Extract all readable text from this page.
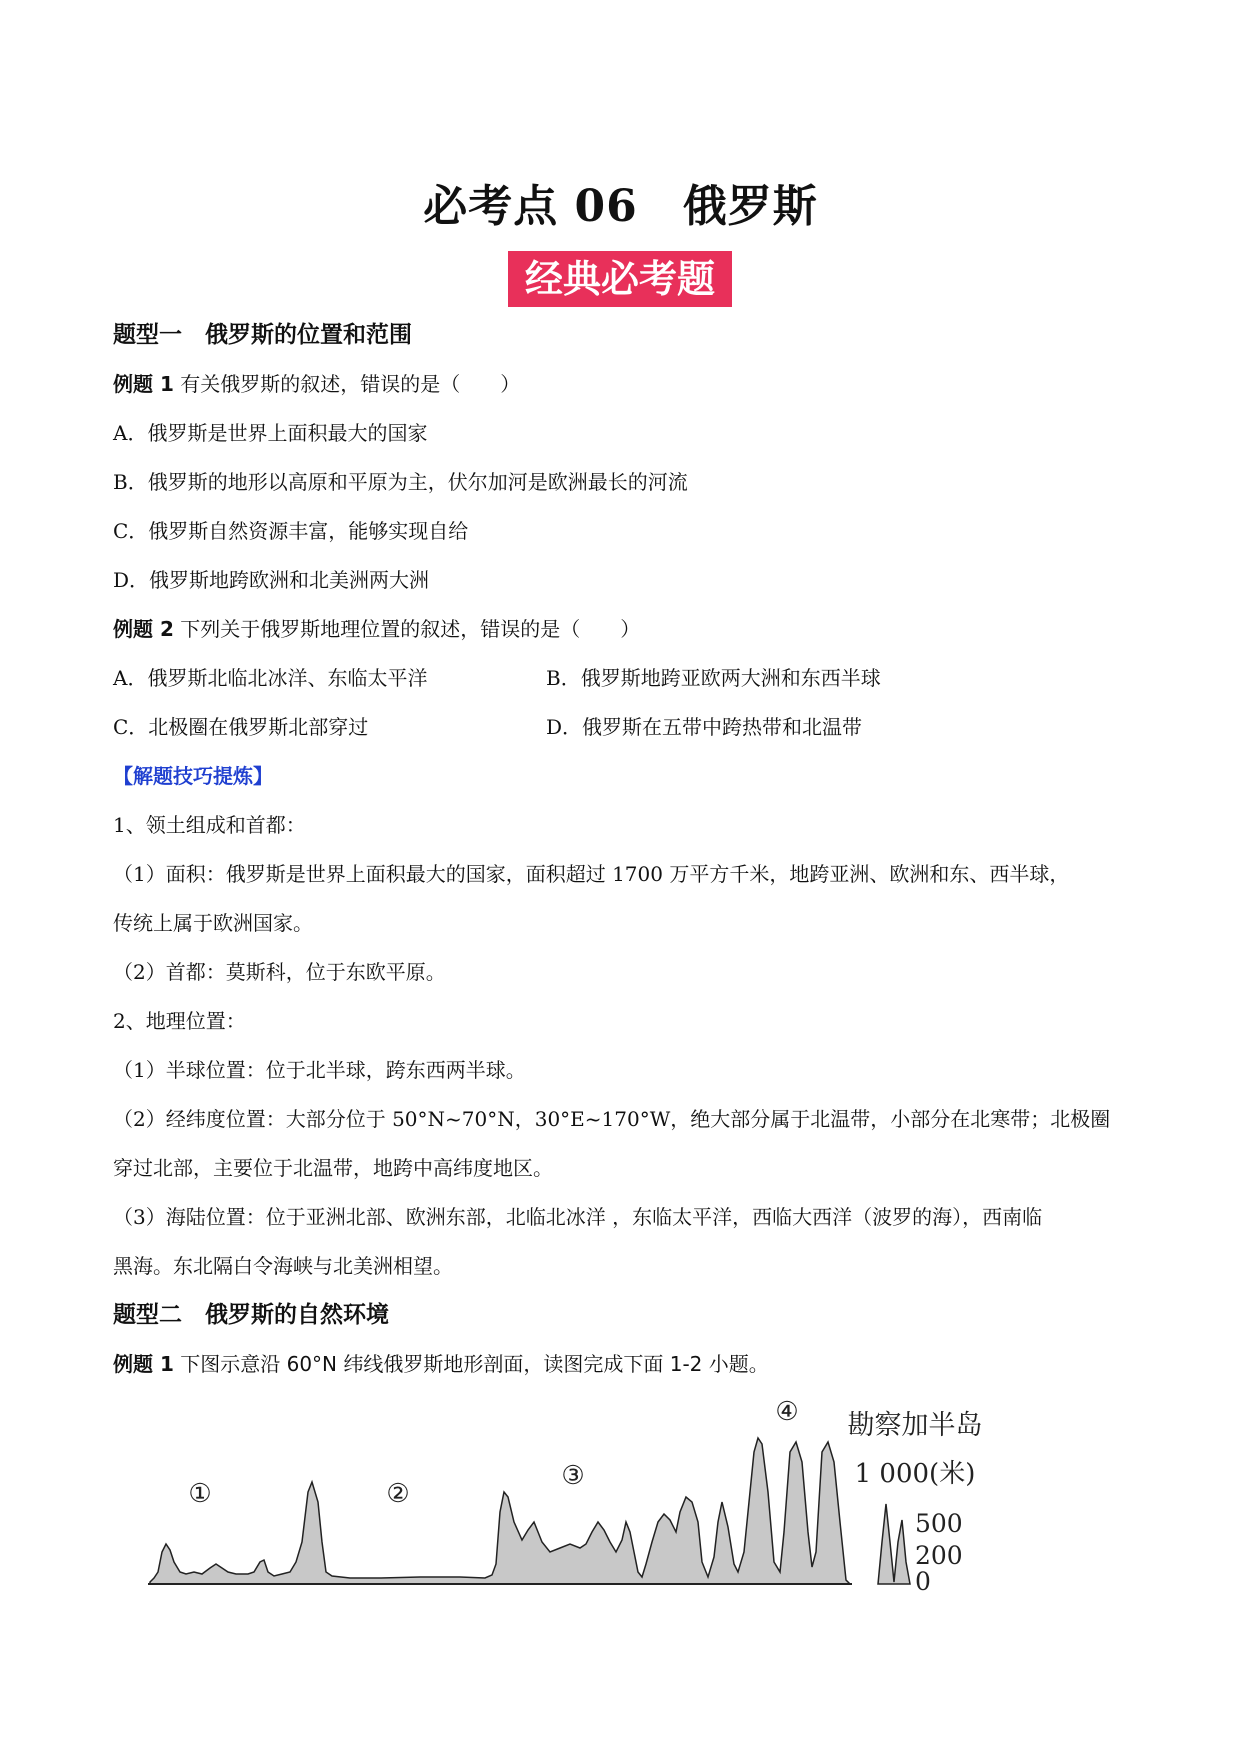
必考点 06　俄罗斯
经典必考题
题型一　俄罗斯的位置和范围
例题 1 有关俄罗斯的叙述，错误的是（　　）
A．俄罗斯是世界上面积最大的国家
B．俄罗斯的地形以高原和平原为主，伏尔加河是欧洲最长的河流
C．俄罗斯自然资源丰富，能够实现自给
D．俄罗斯地跨欧洲和北美洲两大洲
例题 2 下列关于俄罗斯地理位置的叙述，错误的是（　　）
A．俄罗斯北临北冰洋、东临太平洋	B．俄罗斯地跨亚欧两大洲和东西半球
C．北极圈在俄罗斯北部穿过	D．俄罗斯在五带中跨热带和北温带
【解题技巧提炼】
1、领土组成和首都：
（1）面积：俄罗斯是世界上面积最大的国家，面积超过 1700 万平方千米，地跨亚洲、欧洲和东、西半球，
传统上属于欧洲国家。
（2）首都：莫斯科，位于东欧平原。
2、地理位置：
（1）半球位置：位于北半球，跨东西两半球。
（2）经纬度位置：大部分位于 50°N~70°N，30°E~170°W，绝大部分属于北温带，小部分在北寒带；北极圈
穿过北部，主要位于北温带，地跨中高纬度地区。
（3）海陆位置：位于亚洲北部、欧洲东部，北临北冰洋 ，东临太平洋，西临大西洋（波罗的海），西南临
黑海。东北隔白令海峡与北美洲相望。
题型二　俄罗斯的自然环境
例题 1 下图示意沿 60°N 纬线俄罗斯地形剖面，读图完成下面 1-2 小题。
①	②
③
④ 勘察加半岛
1 000(米)
500
200
0
